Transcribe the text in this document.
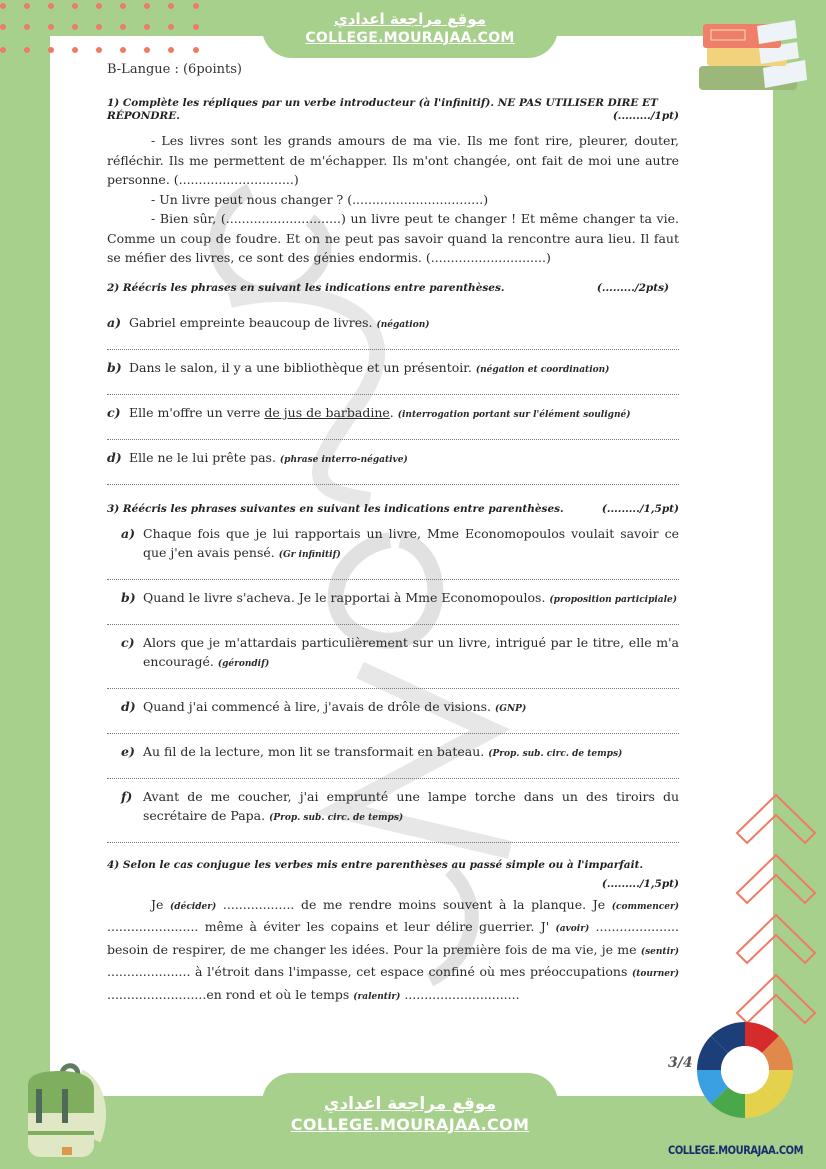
موقع مراجعة اعدادي
COLLEGE.MOURAJAA.COM
B-Langue : (6points)
1) Complète les répliques par un verbe introducteur (à l'infinitif). NE PAS UTILISER DIRE ET RÉPONDRE.	(........./1pt)

- Les livres sont les grands amours de ma vie. Ils me font rire, pleurer, douter, réfléchir. Ils me permettent de m'échapper. Ils m'ont changée, ont fait de moi une autre personne. (.............................)

- Un livre peut nous changer ? (.................................)

- Bien sûr, (.............................) un livre peut te changer ! Et même changer ta vie. Comme un coup de foudre. Et on ne peut pas savoir quand la rencontre aura lieu. Il faut se méfier des livres, ce sont des génies endormis. (.............................)

2) Réécris les phrases en suivant les indications entre parenthèses.	(........./2pts)
a) Gabriel empreinte beaucoup de livres. (négation)
b) Dans le salon, il y a une bibliothèque et un présentoir. (négation et coordination)
c) Elle m'offre un verre de jus de barbadine. (interrogation portant sur l'élément souligné)
d) Elle ne le lui prête pas. (phrase interro-négative)
3) Réécris les phrases suivantes en suivant les indications entre parenthèses.	(........./1,5pt)
a) Chaque fois que je lui rapportais un livre, Mme Economopoulos voulait savoir ce que j'en avais pensé. (Gr infinitif)
b) Quand le livre s'acheva. Je le rapportai à Mme Economopoulos. (proposition participiale)
c) Alors que je m'attardais particulièrement sur un livre, intrigué par le titre, elle m'a encouragé. (gérondif)
d) Quand j'ai commencé à lire, j'avais de drôle de visions. (GNP)
e) Au fil de la lecture, mon lit se transformait en bateau. (Prop. sub. circ. de temps)
f) Avant de me coucher, j'ai emprunté une lampe torche dans un des tiroirs du secrétaire de Papa. (Prop. sub. circ. de temps)
4) Selon le cas conjugue les verbes mis entre parenthèses au passé simple ou à l'imparfait.
(........./1,5pt)

Je (décider) .................. de me rendre moins souvent à la planque. Je (commencer) ....................... même à éviter les copains et leur délire guerrier. J' (avoir) ..................... besoin de respirer, de me changer les idées. Pour la première fois de ma vie, je me (sentir) ..................... à l'étroit dans l'impasse, cet espace confiné où mes préoccupations (tourner) .........................en rond et où le temps (ralentir) .............................

3/4
موقع مراجعة اعدادي
COLLEGE.MOURAJAA.COM
COLLEGE.MOURAJAA.COM
